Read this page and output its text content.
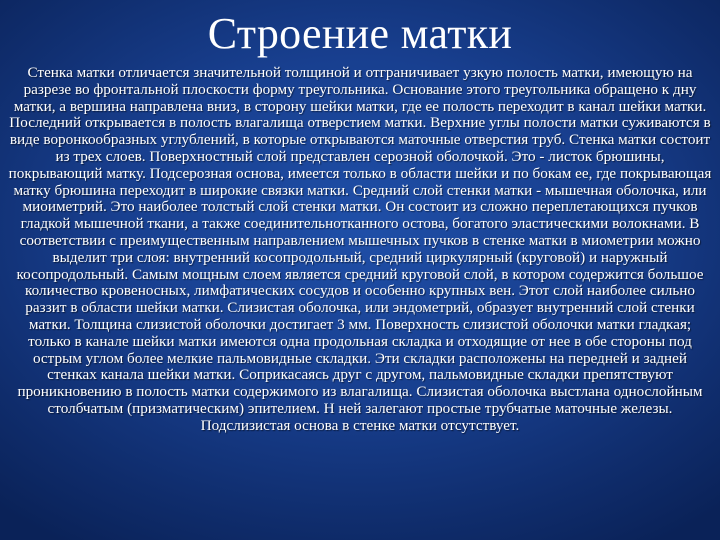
Строение матки
Стенка матки отличается значительной толщиной и отграничивает узкую полость матки, имеющую на разрезе во фронтальной плоскости форму треугольника. Основание этого треугольника обращено к дну матки, а вершина направлена вниз, в сторону шейки матки, где ее полость переходит в канал шейки матки. Последний открывается в полость влагалища отверстием матки. Верхние углы полости матки суживаются в виде воронкообразных углублений, в которые открываются маточные отверстия труб. Стенка матки состоит из трех слоев. Поверхностный слой представлен серозной оболочкой. Это - листок брюшины, покрывающий матку. Подсерозная основа, имеется только в области шейки и по бокам ее, где покрывающая матку брюшина переходит в широкие связки матки. Средний слой стенки матки - мышечная оболочка, или миоиметрий. Это наиболее толстый слой стенки матки. Он состоит из сложно переплетающихся пучков гладкой мышечной ткани, а также соединительнотканного остова, богатого эластическими волокнами. В соответствии с преимущественным направлением мышечных пучков в стенке матки в миометрии можно выделит три слоя: внутренний косопродольный, средний циркулярный (круговой) и наружный косопродольный. Самым мощным слоем является средний круговой слой, в котором содержится большое количество кровеносных, лимфатических сосудов и особенно крупных вен. Этот слой наиболее сильно раззит в области шейки матки. Слизистая оболочка, или эндометрий, образует внутренний слой стенки матки. Толщина слизистой оболочки достигает 3 мм. Поверхность слизистой оболочки матки гладкая; только в канале шейки матки имеются одна продольная складка и отходящие от нее в обе стороны под острым углом более мелкие пальмовидные складки. Эти складки расположены на передней и задней стенках канала шейки матки. Соприкасаясь друг с другом, пальмовидные складки препятствуют проникновению в полость матки содержимого из влагалища. Слизистая оболочка выстлана однослойным столбчатым (призматическим) эпителием. Н ней залегают простые трубчатые маточные железы. Подслизистая основа в стенке матки отсутствует.
